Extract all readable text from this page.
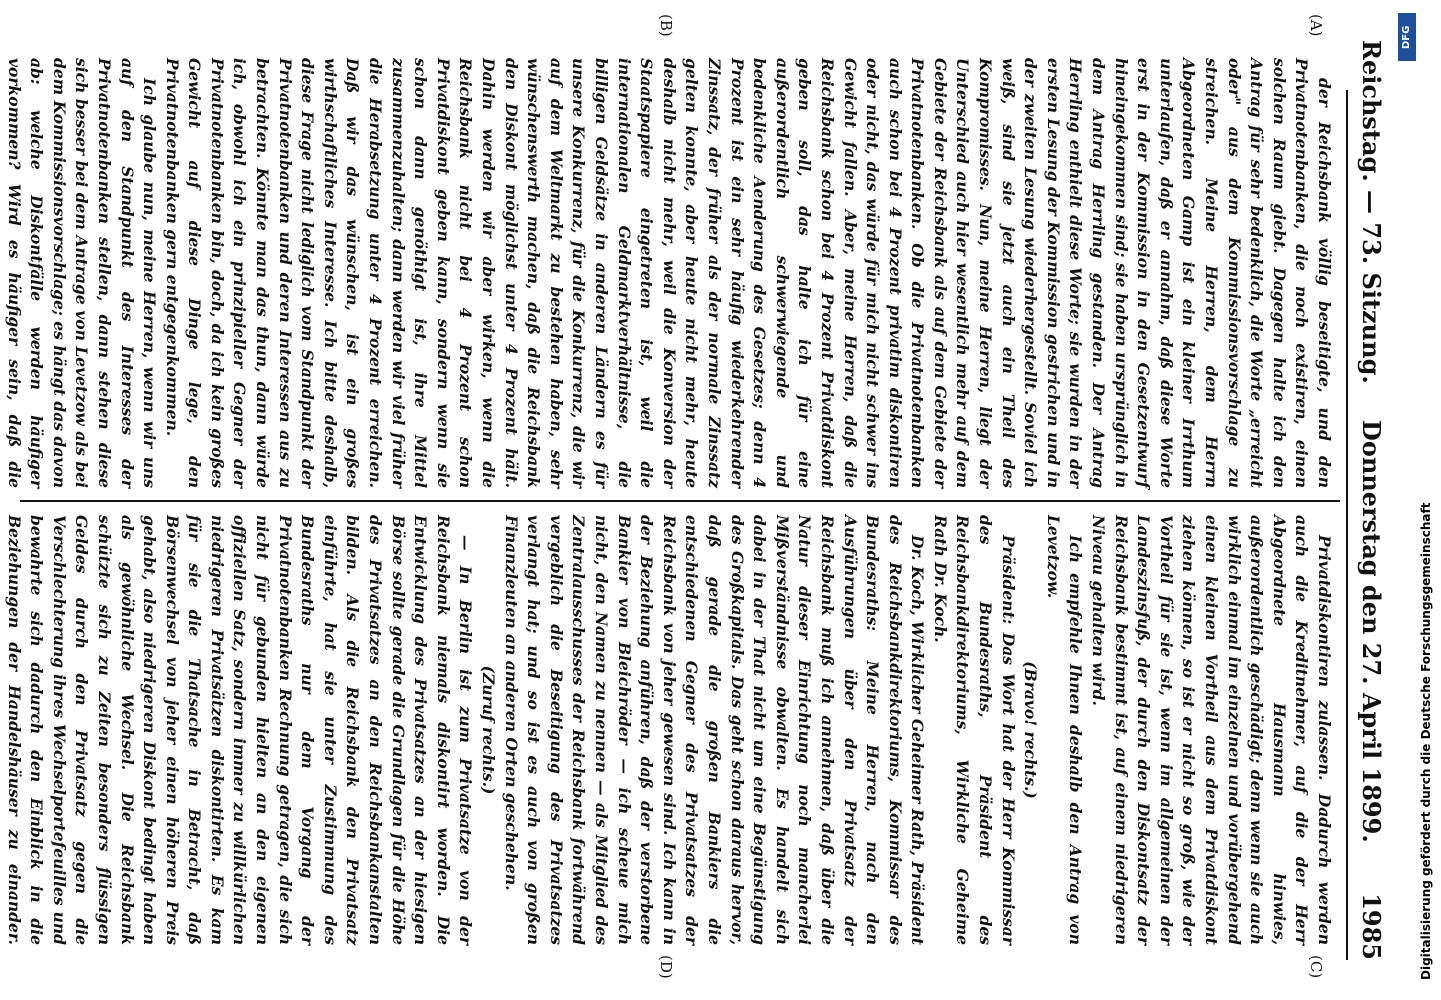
Reichstag. — 73. Sitzung.
Donnerstag den 27. April 1899.
1985
(A)
(B)
(C)
(D)

der Reichsbank völlig beseitigte, und den Privatnotenbanken, die noch existiren, einen solchen Raum giebt. Dagegen halte ich den Antrag für sehr bedenklich, die Worte „erreicht oder" aus dem Kommissionsvorschlage zu streichen. Meine Herren, dem Herrn Abgeordneten Gamp ist ein kleiner Irrthum unterlaufen, daß er annahm, daß diese Worte erst in der Kommission in den Gesetzentwurf hineingekommen sind; sie haben ursprünglich in dem Antrag Herrling gestanden. Der Antrag Herrling enthielt diese Worte; sie wurden in der ersten Lesung der Kommission gestrichen und in der zweiten Lesung wiederhergestellt. Soviel ich weiß, sind sie jetzt auch ein Theil des Kompromisses. Nun, meine Herren, liegt der Unterschied auch hier wesentlich mehr auf dem Gebiete der Reichsbank als auf dem Gebiete der Privatnotenbanken. Ob die Privatnotenbanken auch schon bei 4 Prozent privatim diskontiren oder nicht, das würde für mich nicht schwer ins Gewicht fallen. Aber, meine Herren, daß die Reichsbank schon bei 4 Prozent Privatdiskont geben soll, das halte ich für eine außerordentlich schwerwiegende und bedenkliche Aenderung des Gesetzes; denn 4 Prozent ist ein sehr häufig wiederkehrender Zinssatz, der früher als der normale Zinssatz gelten konnte, aber heute nicht mehr, heute deshalb nicht mehr, weil die Konversion der Staatspapiere eingetreten ist, weil die internationalen Geldmarktverhältnisse, die billigen Geldsätze in anderen Ländern es für unsere Konkurrenz, für die Konkurrenz, die wir auf dem Weltmarkt zu bestehen haben, sehr wünschenswerth machen, daß die Reichsbank den Diskont möglichst unter 4 Prozent hält. Dahin werden wir aber wirken, wenn die Reichsbank nicht bei 4 Prozent schon Privatdiskont geben kann, sondern wenn sie schon dann genöthigt ist, ihre Mittel zusammenzuhalten; dann werden wir viel früher die Herabsetzung unter 4 Prozent erreichen. Daß wir das wünschen, ist ein großes wirthschaftliches Interesse. Ich bitte deshalb, diese Frage nicht lediglich vom Standpunkt der Privatnotenbanken und deren Interessen aus zu betrachten. Könnte man das thun, dann würde ich, obwohl ich ein prinzipieller Gegner der Privatnotenbanken bin, doch, da ich kein großes Gewicht auf diese Dinge lege, den Privatnotenbanken gern entgegenkommen.

Ich glaube nun, meine Herren, wenn wir uns auf den Standpunkt des Interesses der Privatnotenbanken stellen, dann stehen diese sich besser bei dem Antrage von Levetzow als bei dem Kommissionsvorschlage; es hängt das davon ab: welche Diskontfälle werden häufiger vorkommen? Wird es häufiger sein, daß die

Privatdiskontiren zulassen. Dadurch werden auch die Kreditnehmer, auf die der Herr Abgeordnete Hausmann hinwies, außerordentlich geschädigt; denn wenn sie auch wirklich einmal im einzelnen und vorübergehend einen kleinen Vortheil aus dem Privatdiskont ziehen können, so ist er nicht so groß, wie der Vortheil für sie ist, wenn im allgemeinen der Landeszinsfuß, der durch den Diskontsatz der Reichsbank bestimmt ist, auf einem niedrigeren Niveau gehalten wird.

Ich empfehle Ihnen deshalb den Antrag von Levetzow.

(Bravo! rechts.)

Präsident: Das Wort hat der Herr Kommissar des Bundesraths, Präsident des Reichsbankdirektoriums, Wirkliche Geheime Rath Dr. Koch.

Dr. Koch, Wirklicher Geheimer Rath, Präsident des Reichsbankdirektoriums, Kommissar des Bundesraths: Meine Herren, nach den Ausführungen über den Privatsatz der Reichsbank muß ich annehmen, daß über die Natur dieser Einrichtung noch mancherlei Mißverständnisse obwalten. Es handelt sich dabei in der That nicht um eine Begünstigung des Großkapitals. Das geht schon daraus hervor, daß gerade die großen Bankiers die entschiedenen Gegner des Privatsatzes der Reichsbank von jeher gewesen sind. Ich kann in der Beziehung anführen, daß der verstorbene Bankier von Bleichröder — ich scheue mich nicht, den Namen zu nennen — als Mitglied des Zentralausschusses der Reichsbank fortwährend vergeblich die Beseitigung des Privatsatzes verlangt hat; und so ist es auch von großen Finanzleuten an anderen Orten geschehen.

(Zuruf rechts.)

— In Berlin ist zum Privatsatze von der Reichsbank niemals diskontirt worden. Die Entwicklung des Privatsatzes an der hiesigen Börse sollte gerade die Grundlagen für die Höhe des Privatsatzes an den Reichsbankanstalten bilden. Als die Reichsbank den Privatsatz einführte, hat sie unter Zustimmung des Bundesraths nur dem Vorgang der Privatnotenbanken Rechnung getragen, die sich nicht für gebunden hielten an den eigenen offiziellen Satz, sondern immer zu willkürlichen niedrigeren Privatsätzen diskontirten. Es kam für sie die Thatsache in Betracht, daß Börsenwechsel von jeher einen höheren Preis gehabt, also niedrigeren Diskont bedingt haben als gewöhnliche Wechsel. Die Reichsbank schützte sich zu Zeiten besonders flüssigen Geldes durch den Privatsatz gegen die Verschlechterung ihres Wechselportefeuilles und bewahrte sich dadurch den Einblick in die Beziehungen der Handelshäuser zu einander.

DFG
Digitalisierung gefördert durch die Deutsche Forschungsgemeinschaft
